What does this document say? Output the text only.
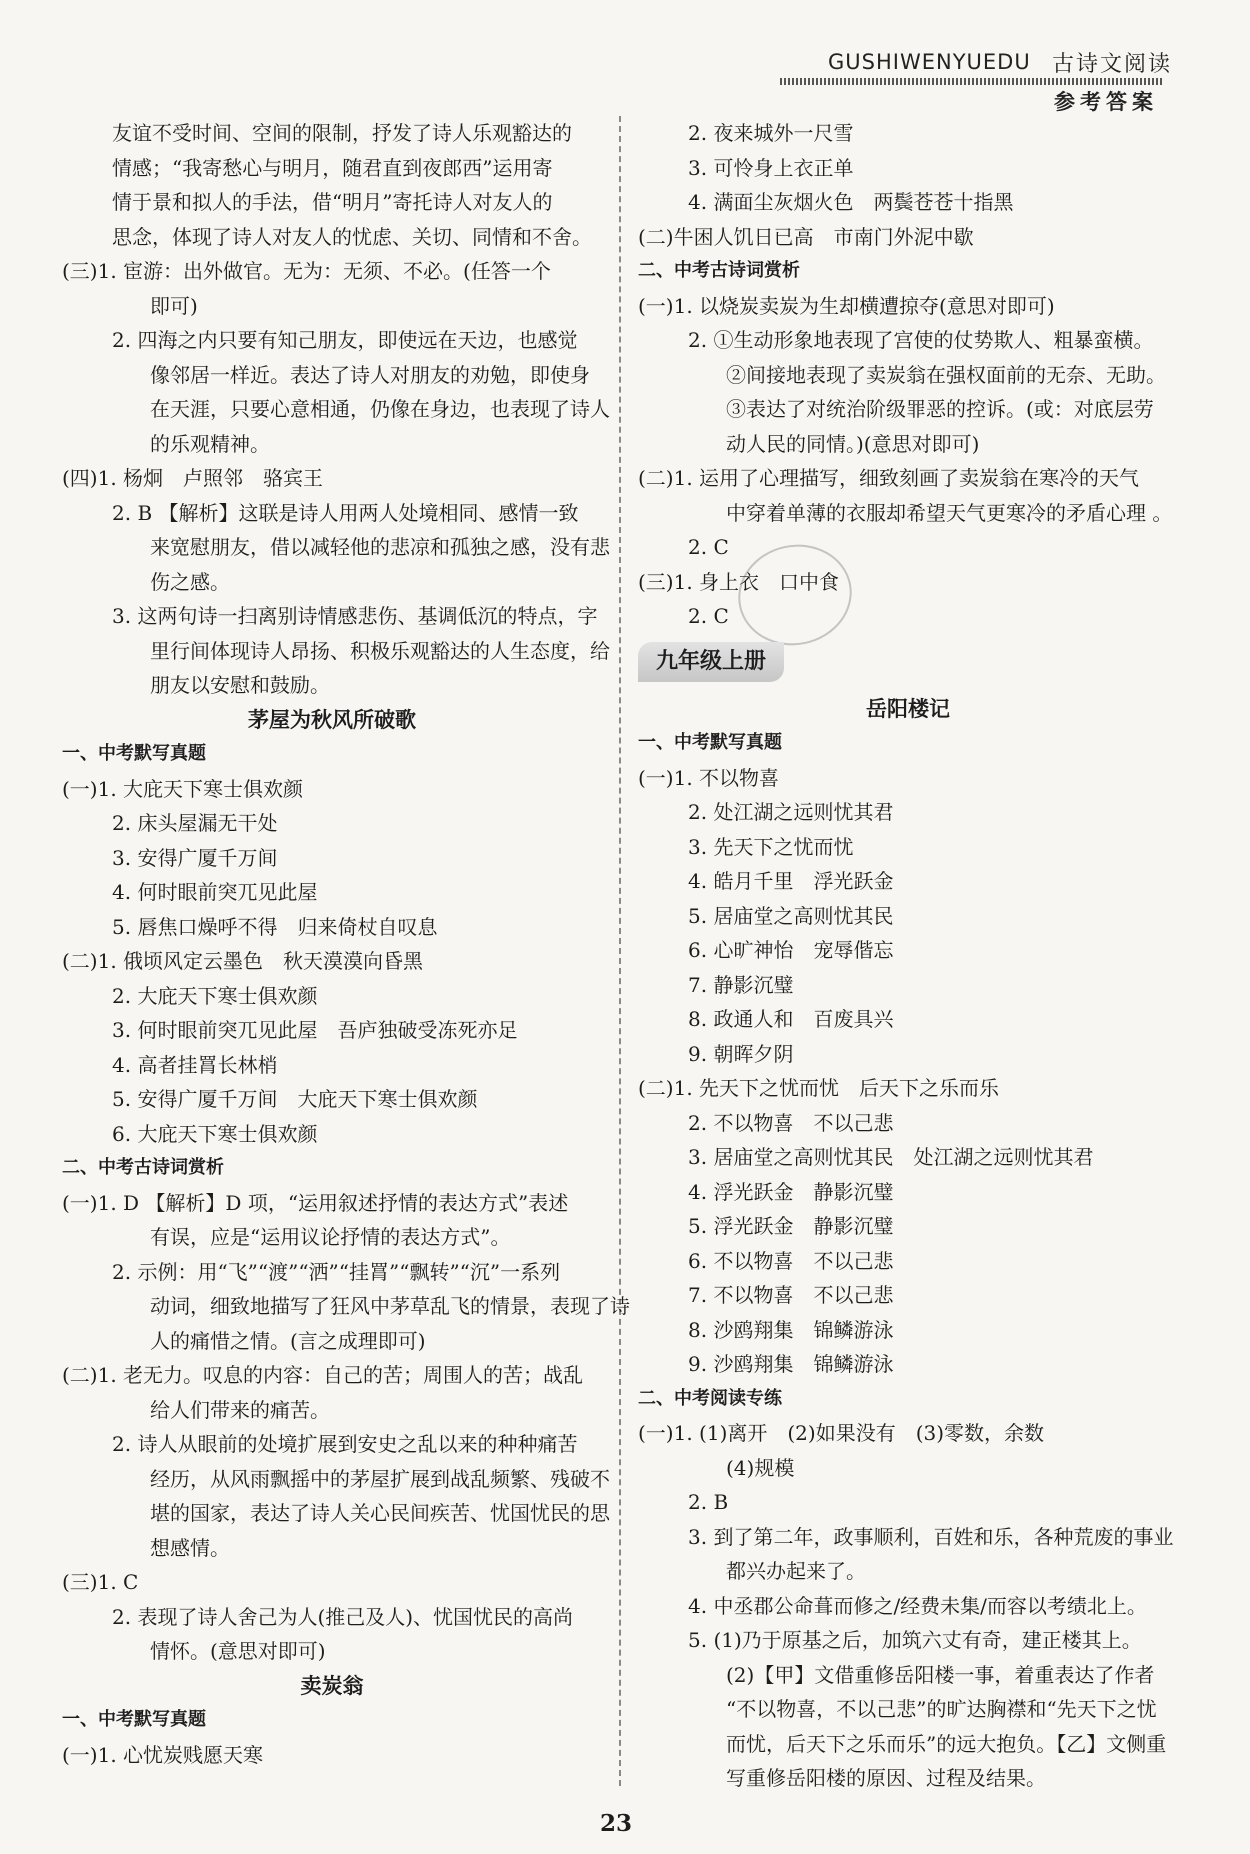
GUSHIWENYUEDU 古诗文阅读
参考答案
友谊不受时间、空间的限制，抒发了诗人乐观豁达的
情感；“我寄愁心与明月，随君直到夜郎西”运用寄
情于景和拟人的手法，借“明月”寄托诗人对友人的
思念，体现了诗人对友人的忧虑、关切、同情和不舍。
(三)1. 宦游：出外做官。无为：无须、不必。(任答一个
即可)
2. 四海之内只要有知己朋友，即使远在天边，也感觉
像邻居一样近。表达了诗人对朋友的劝勉，即使身
在天涯，只要心意相通，仍像在身边，也表现了诗人
的乐观精神。
(四)1. 杨炯　卢照邻　骆宾王
2. B 【解析】这联是诗人用两人处境相同、感情一致
来宽慰朋友，借以减轻他的悲凉和孤独之感，没有悲
伤之感。
3. 这两句诗一扫离别诗情感悲伤、基调低沉的特点，字
里行间体现诗人昂扬、积极乐观豁达的人生态度，给
朋友以安慰和鼓励。
茅屋为秋风所破歌
一、中考默写真题
(一)1. 大庇天下寒士俱欢颜
2. 床头屋漏无干处
3. 安得广厦千万间
4. 何时眼前突兀见此屋
5. 唇焦口燥呼不得　归来倚杖自叹息
(二)1. 俄顷风定云墨色　秋天漠漠向昏黑
2. 大庇天下寒士俱欢颜
3. 何时眼前突兀见此屋　吾庐独破受冻死亦足
4. 高者挂罥长林梢
5. 安得广厦千万间　大庇天下寒士俱欢颜
6. 大庇天下寒士俱欢颜
二、中考古诗词赏析
(一)1. D 【解析】D 项，“运用叙述抒情的表达方式”表述
有误，应是“运用议论抒情的表达方式”。
2. 示例：用“飞”“渡”“洒”“挂罥”“飘转”“沉”一系列
动词，细致地描写了狂风中茅草乱飞的情景，表现了诗
人的痛惜之情。(言之成理即可)
(二)1. 老无力。叹息的内容：自己的苦；周围人的苦；战乱
给人们带来的痛苦。
2. 诗人从眼前的处境扩展到安史之乱以来的种种痛苦
经历，从风雨飘摇中的茅屋扩展到战乱频繁、残破不
堪的国家，表达了诗人关心民间疾苦、忧国忧民的思
想感情。
(三)1. C
2. 表现了诗人舍己为人(推己及人)、忧国忧民的高尚
情怀。(意思对即可)
卖炭翁
一、中考默写真题
(一)1. 心忧炭贱愿天寒
2. 夜来城外一尺雪
3. 可怜身上衣正单
4. 满面尘灰烟火色　两鬓苍苍十指黑
(二)牛困人饥日已高　市南门外泥中歇
二、中考古诗词赏析
(一)1. 以烧炭卖炭为生却横遭掠夺(意思对即可)
2. ①生动形象地表现了宫使的仗势欺人、粗暴蛮横。
②间接地表现了卖炭翁在强权面前的无奈、无助。
③表达了对统治阶级罪恶的控诉。(或：对底层劳
动人民的同情。)(意思对即可)
(二)1. 运用了心理描写，细致刻画了卖炭翁在寒冷的天气
中穿着单薄的衣服却希望天气更寒冷的矛盾心理 。
2. C
(三)1. 身上衣　口中食
2. C
九年级上册
岳阳楼记
一、中考默写真题
(一)1. 不以物喜
2. 处江湖之远则忧其君
3. 先天下之忧而忧
4. 皓月千里　浮光跃金
5. 居庙堂之高则忧其民
6. 心旷神怡　宠辱偕忘
7. 静影沉璧
8. 政通人和　百废具兴
9. 朝晖夕阴
(二)1. 先天下之忧而忧　后天下之乐而乐
2. 不以物喜　不以己悲
3. 居庙堂之高则忧其民　处江湖之远则忧其君
4. 浮光跃金　静影沉璧
5. 浮光跃金　静影沉璧
6. 不以物喜　不以己悲
7. 不以物喜　不以己悲
8. 沙鸥翔集　锦鳞游泳
9. 沙鸥翔集　锦鳞游泳
二、中考阅读专练
(一)1. (1)离开　(2)如果没有　(3)零数，余数
(4)规模
2. B
3. 到了第二年，政事顺利，百姓和乐，各种荒废的事业
都兴办起来了。
4. 中丞郡公命葺而修之/经费未集/而容以考绩北上。
5. (1)乃于原基之后，加筑六丈有奇，建正楼其上。
(2)【甲】文借重修岳阳楼一事，着重表达了作者
“不以物喜，不以己悲”的旷达胸襟和“先天下之忧
而忧，后天下之乐而乐”的远大抱负。【乙】文侧重
写重修岳阳楼的原因、过程及结果。
23
